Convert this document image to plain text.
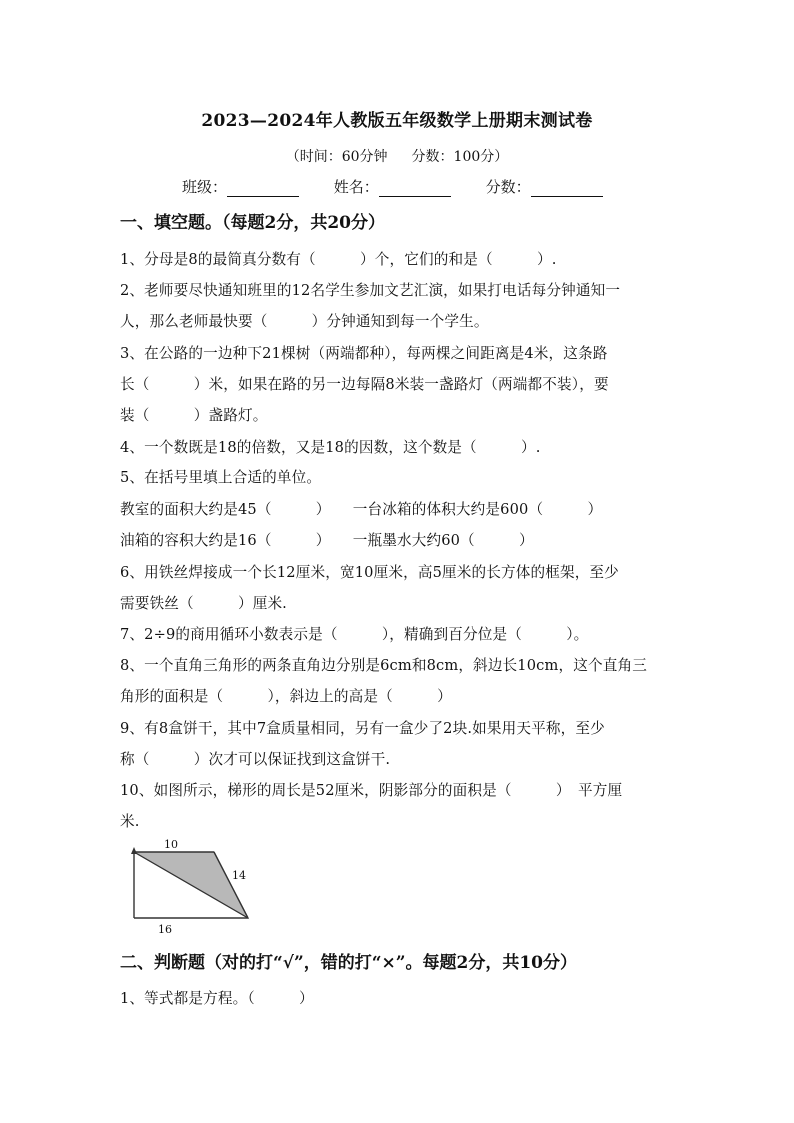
2023—2024年人教版五年级数学上册期末测试卷
（时间：60分钟 分数：100分）
班级：	姓名：	分数：
一、填空题。（每题2分，共20分）
1、分母是8的最简真分数有（　　　）个，它们的和是（　　　）.
2、老师要尽快通知班里的12名学生参加文艺汇演，如果打电话每分钟通知一
人，那么老师最快要（　　　）分钟通知到每一个学生。
3、在公路的一边种下21棵树（两端都种），每两棵之间距离是4米，这条路
长（　　　）米，如果在路的另一边每隔8米装一盏路灯（两端都不装），要
装（　　　）盏路灯。
4、一个数既是18的倍数，又是18的因数，这个数是（　　　）.
5、在括号里填上合适的单位。
教室的面积大约是45（　　　）　　一台冰箱的体积大约是600（　　　）
油箱的容积大约是16（　　　）　　一瓶墨水大约60（　　　）
6、用铁丝焊接成一个长12厘米，宽10厘米，高5厘米的长方体的框架，至少
需要铁丝（　　　）厘米.
7、2÷9的商用循环小数表示是（　　　），精确到百分位是（　　　）。
8、一个直角三角形的两条直角边分别是6cm和8cm，斜边长10cm，这个直角三
角形的面积是（　　　），斜边上的高是（　　　）
9、有8盒饼干，其中7盒质量相同，另有一盒少了2块.如果用天平称，至少
称（　　　）次才可以保证找到这盒饼干.
10、如图所示，梯形的周长是52厘米，阴影部分的面积是（　　　）　平方厘
米.
10
14
16
二、判断题（对的打“√”，错的打“×”。每题2分，共10分）
1、等式都是方程。（　　　）
